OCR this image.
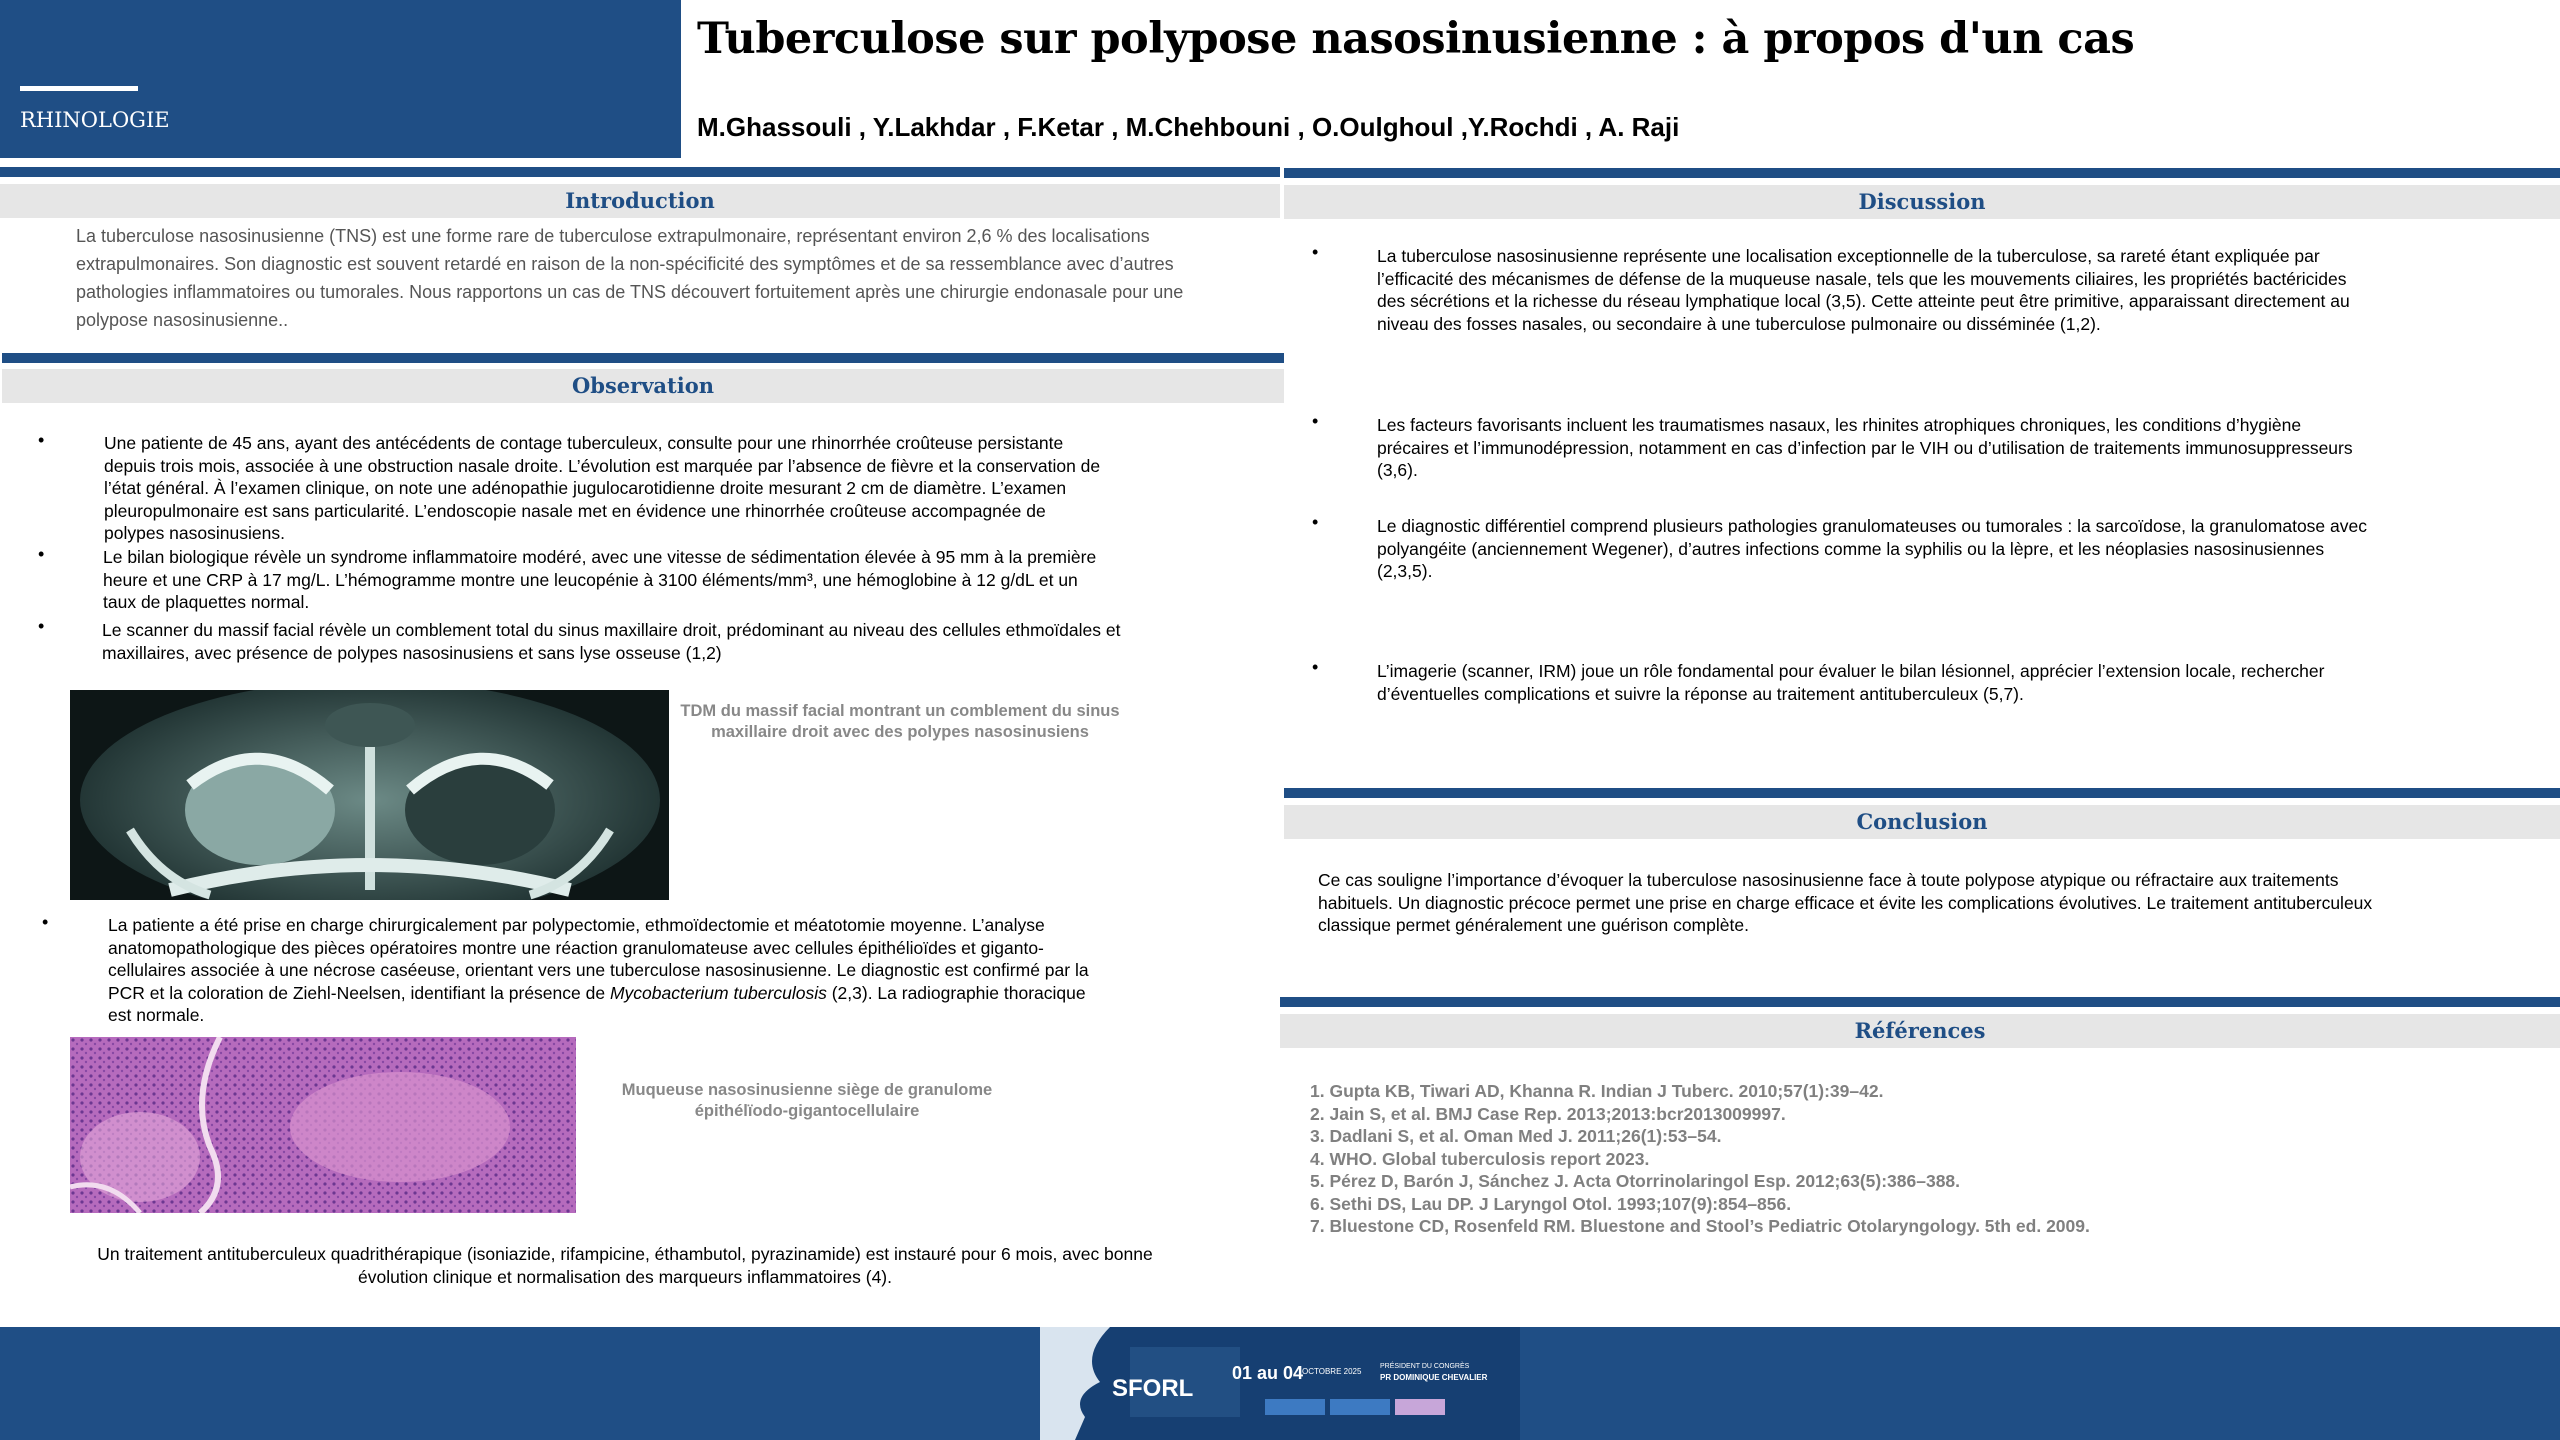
RHINOLOGIE
Tuberculose sur polypose nasosinusienne : à propos d'un cas
M.Ghassouli , Y.Lakhdar , F.Ketar , M.Chehbouni , O.Oulghoul ,Y.Rochdi , A. Raji
Introduction
La tuberculose nasosinusienne (TNS) est une forme rare de tuberculose extrapulmonaire, représentant environ 2,6 % des localisations
extrapulmonaires. Son diagnostic est souvent retardé en raison de la non-spécificité des symptômes et de sa ressemblance avec d’autres
pathologies inflammatoires ou tumorales. Nous rapportons un cas de TNS découvert fortuitement après une chirurgie endonasale pour une
polypose nasosinusienne..
Observation
•	Une patiente de 45 ans, ayant des antécédents de contage tuberculeux, consulte pour une rhinorrhée croûteuse persistante
depuis trois mois, associée à une obstruction nasale droite. L’évolution est marquée par l’absence de fièvre et la conservation de
l’état général. À l’examen clinique, on note une adénopathie jugulocarotidienne droite mesurant 2 cm de diamètre. L’examen
pleuropulmonaire est sans particularité. L’endoscopie nasale met en évidence une rhinorrhée croûteuse accompagnée de
polypes nasosinusiens.
•	Le bilan biologique révèle un syndrome inflammatoire modéré, avec une vitesse de sédimentation élevée à 95 mm à la première
heure et une CRP à 17 mg/L. L’hémogramme montre une leucopénie à 3100 éléments/mm³, une hémoglobine à 12 g/dL et un
taux de plaquettes normal.
•	Le scanner du massif facial révèle un comblement total du sinus maxillaire droit, prédominant au niveau des cellules ethmoïdales et
maxillaires, avec présence de polypes nasosinusiens et sans lyse osseuse (1,2)
TDM du massif facial montrant un comblement du sinus
maxillaire droit avec des polypes nasosinusiens
•	La patiente a été prise en charge chirurgicalement par polypectomie, ethmoïdectomie et méatotomie moyenne. L’analyse
anatomopathologique des pièces opératoires montre une réaction granulomateuse avec cellules épithélioïdes et giganto-
cellulaires associée à une nécrose caséeuse, orientant vers une tuberculose nasosinusienne. Le diagnostic est confirmé par la
PCR et la coloration de Ziehl-Neelsen, identifiant la présence de Mycobacterium tuberculosis (2,3). La radiographie thoracique
est normale.
Muqueuse nasosinusienne siège de granulome
épithélïodo-gigantocellulaire
Un traitement antituberculeux quadrithérapique (isoniazide, rifampicine, éthambutol, pyrazinamide) est instauré pour 6 mois, avec bonne
évolution clinique et normalisation des marqueurs inflammatoires (4).
Discussion
•	La tuberculose nasosinusienne représente une localisation exceptionnelle de la tuberculose, sa rareté étant expliquée par
l’efficacité des mécanismes de défense de la muqueuse nasale, tels que les mouvements ciliaires, les propriétés bactéricides
des sécrétions et la richesse du réseau lymphatique local (3,5). Cette atteinte peut être primitive, apparaissant directement au
niveau des fosses nasales, ou secondaire à une tuberculose pulmonaire ou disséminée (1,2).
•	Les facteurs favorisants incluent les traumatismes nasaux, les rhinites atrophiques chroniques, les conditions d’hygiène
précaires et l’immunodépression, notamment en cas d’infection par le VIH ou d’utilisation de traitements immunosuppresseurs
(3,6).
•	Le diagnostic différentiel comprend plusieurs pathologies granulomateuses ou tumorales : la sarcoïdose, la granulomatose avec
polyangéite (anciennement Wegener), d’autres infections comme la syphilis ou la lèpre, et les néoplasies nasosinusiennes
(2,3,5).
•	L’imagerie (scanner, IRM) joue un rôle fondamental pour évaluer le bilan lésionnel, apprécier l’extension locale, rechercher
d’éventuelles complications et suivre la réponse au traitement antituberculeux (5,7).
Conclusion
Ce cas souligne l’importance d’évoquer la tuberculose nasosinusienne face à toute polypose atypique ou réfractaire aux traitements
habituels. Un diagnostic précoce permet une prise en charge efficace et évite les complications évolutives. Le traitement antituberculeux
classique permet généralement une guérison complète.
Références
1. Gupta KB, Tiwari AD, Khanna R. Indian J Tuberc. 2010;57(1):39–42.
2. Jain S, et al. BMJ Case Rep. 2013;2013:bcr2013009997.
3. Dadlani S, et al. Oman Med J. 2011;26(1):53–54.
4. WHO. Global tuberculosis report 2023.
5. Pérez D, Barón J, Sánchez J. Acta Otorrinolaringol Esp. 2012;63(5):386–388.
6. Sethi DS, Lau DP. J Laryngol Otol. 1993;107(9):854–856.
7. Bluestone CD, Rosenfeld RM. Bluestone and Stool’s Pediatric Otolaryngology. 5th ed. 2009.
SFORL
01 au 04
OCTOBRE 2025
PRÉSIDENT DU CONGRÈS
PR DOMINIQUE CHEVALIER
